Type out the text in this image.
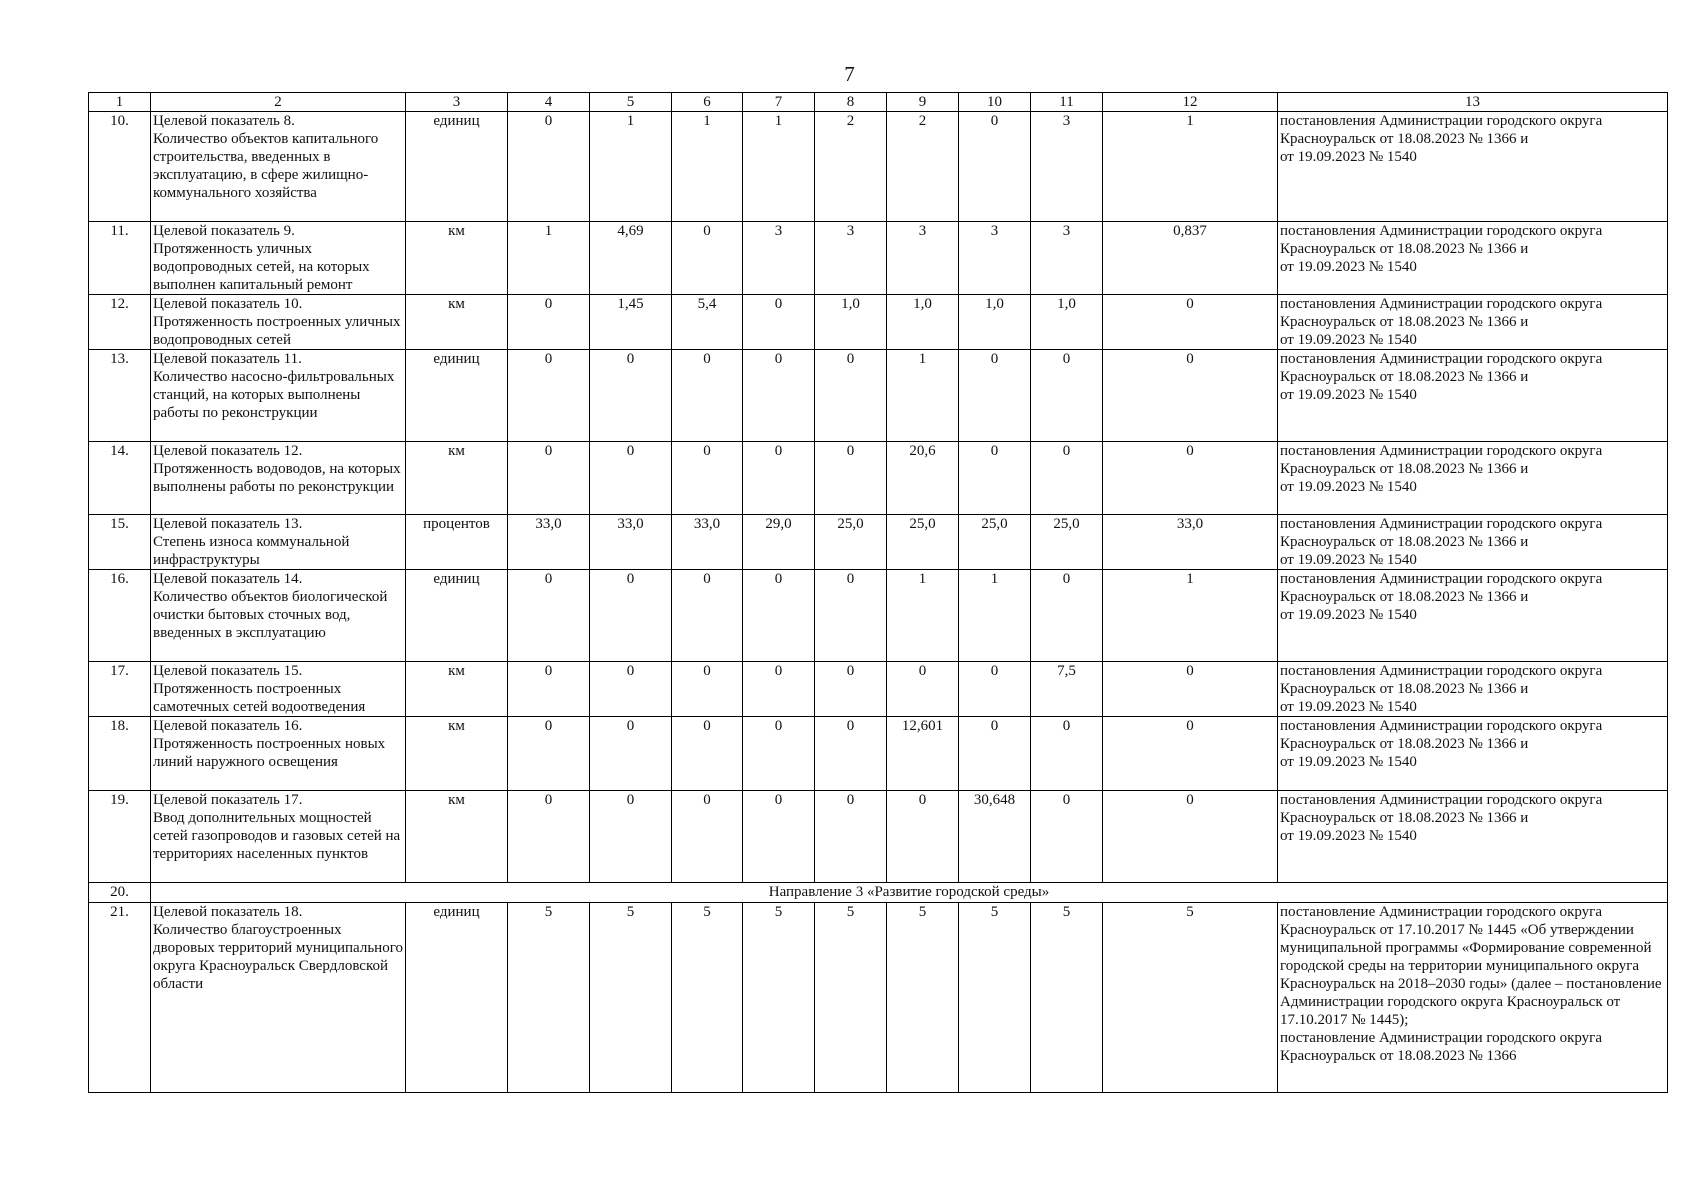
7
1	2	3	4	5	6	7	8	9	10	11	12	13
10.	Целевой показатель 8.
Количество объектов капитального строительства, введенных в эксплуатацию, в сфере жилищно-коммунального хозяйства	единиц	0	1	1	1	2	2	0	3	1	постановления Администрации городского округа Красноуральск от 18.08.2023 № 1366 и
от 19.09.2023 № 1540
11.	Целевой показатель 9.
Протяженность уличных водопроводных сетей, на которых выполнен капитальный ремонт	км	1	4,69	0	3	3	3	3	3	0,837	постановления Администрации городского округа Красноуральск от 18.08.2023 № 1366 и
от 19.09.2023 № 1540
12.	Целевой показатель 10.
Протяженность построенных уличных водопроводных сетей	км	0	1,45	5,4	0	1,0	1,0	1,0	1,0	0	постановления Администрации городского округа Красноуральск от 18.08.2023 № 1366 и
от 19.09.2023 № 1540
13.	Целевой показатель 11.
Количество насосно-фильтровальных станций, на которых выполнены работы по реконструкции	единиц	0	0	0	0	0	1	0	0	0	постановления Администрации городского округа Красноуральск от 18.08.2023 № 1366 и
от 19.09.2023 № 1540
14.	Целевой показатель 12.
Протяженность водоводов, на которых выполнены работы по реконструкции	км	0	0	0	0	0	20,6	0	0	0	постановления Администрации городского округа Красноуральск от 18.08.2023 № 1366 и
от 19.09.2023 № 1540
15.	Целевой показатель 13.
Степень износа коммунальной инфраструктуры	процентов	33,0	33,0	33,0	29,0	25,0	25,0	25,0	25,0	33,0	постановления Администрации городского округа Красноуральск от 18.08.2023 № 1366 и
от 19.09.2023 № 1540
16.	Целевой показатель 14.
Количество объектов биологической очистки бытовых сточных вод, введенных в эксплуатацию	единиц	0	0	0	0	0	1	1	0	1	постановления Администрации городского округа Красноуральск от 18.08.2023 № 1366 и
от 19.09.2023 № 1540
17.	Целевой показатель 15.
Протяженность построенных самотечных сетей водоотведения	км	0	0	0	0	0	0	0	7,5	0	постановления Администрации городского округа Красноуральск от 18.08.2023 № 1366 и
от 19.09.2023 № 1540
18.	Целевой показатель 16.
Протяженность построенных новых линий наружного освещения	км	0	0	0	0	0	12,601	0	0	0	постановления Администрации городского округа Красноуральск от 18.08.2023 № 1366 и
от 19.09.2023 № 1540
19.	Целевой показатель 17.
Ввод дополнительных мощностей сетей газопроводов и газовых сетей на территориях населенных пунктов	км	0	0	0	0	0	0	30,648	0	0	постановления Администрации городского округа Красноуральск от 18.08.2023 № 1366 и
от 19.09.2023 № 1540
20.	Направление 3 «Развитие городской среды»											
21.	Целевой показатель 18.
Количество благоустроенных дворовых территорий муниципального округа Красноуральск Свердловской области	единиц	5	5	5	5	5	5	5	5	5	постановление Администрации городского округа Красноуральск от 17.10.2017 № 1445 «Об утверждении муниципальной программы «Формирование современной городской среды на территории муниципального округа Красноуральск на 2018–2030 годы» (далее – постановление Администрации городского округа Красноуральск от 17.10.2017 № 1445);
постановление Администрации городского округа Красноуральск от 18.08.2023 № 1366
